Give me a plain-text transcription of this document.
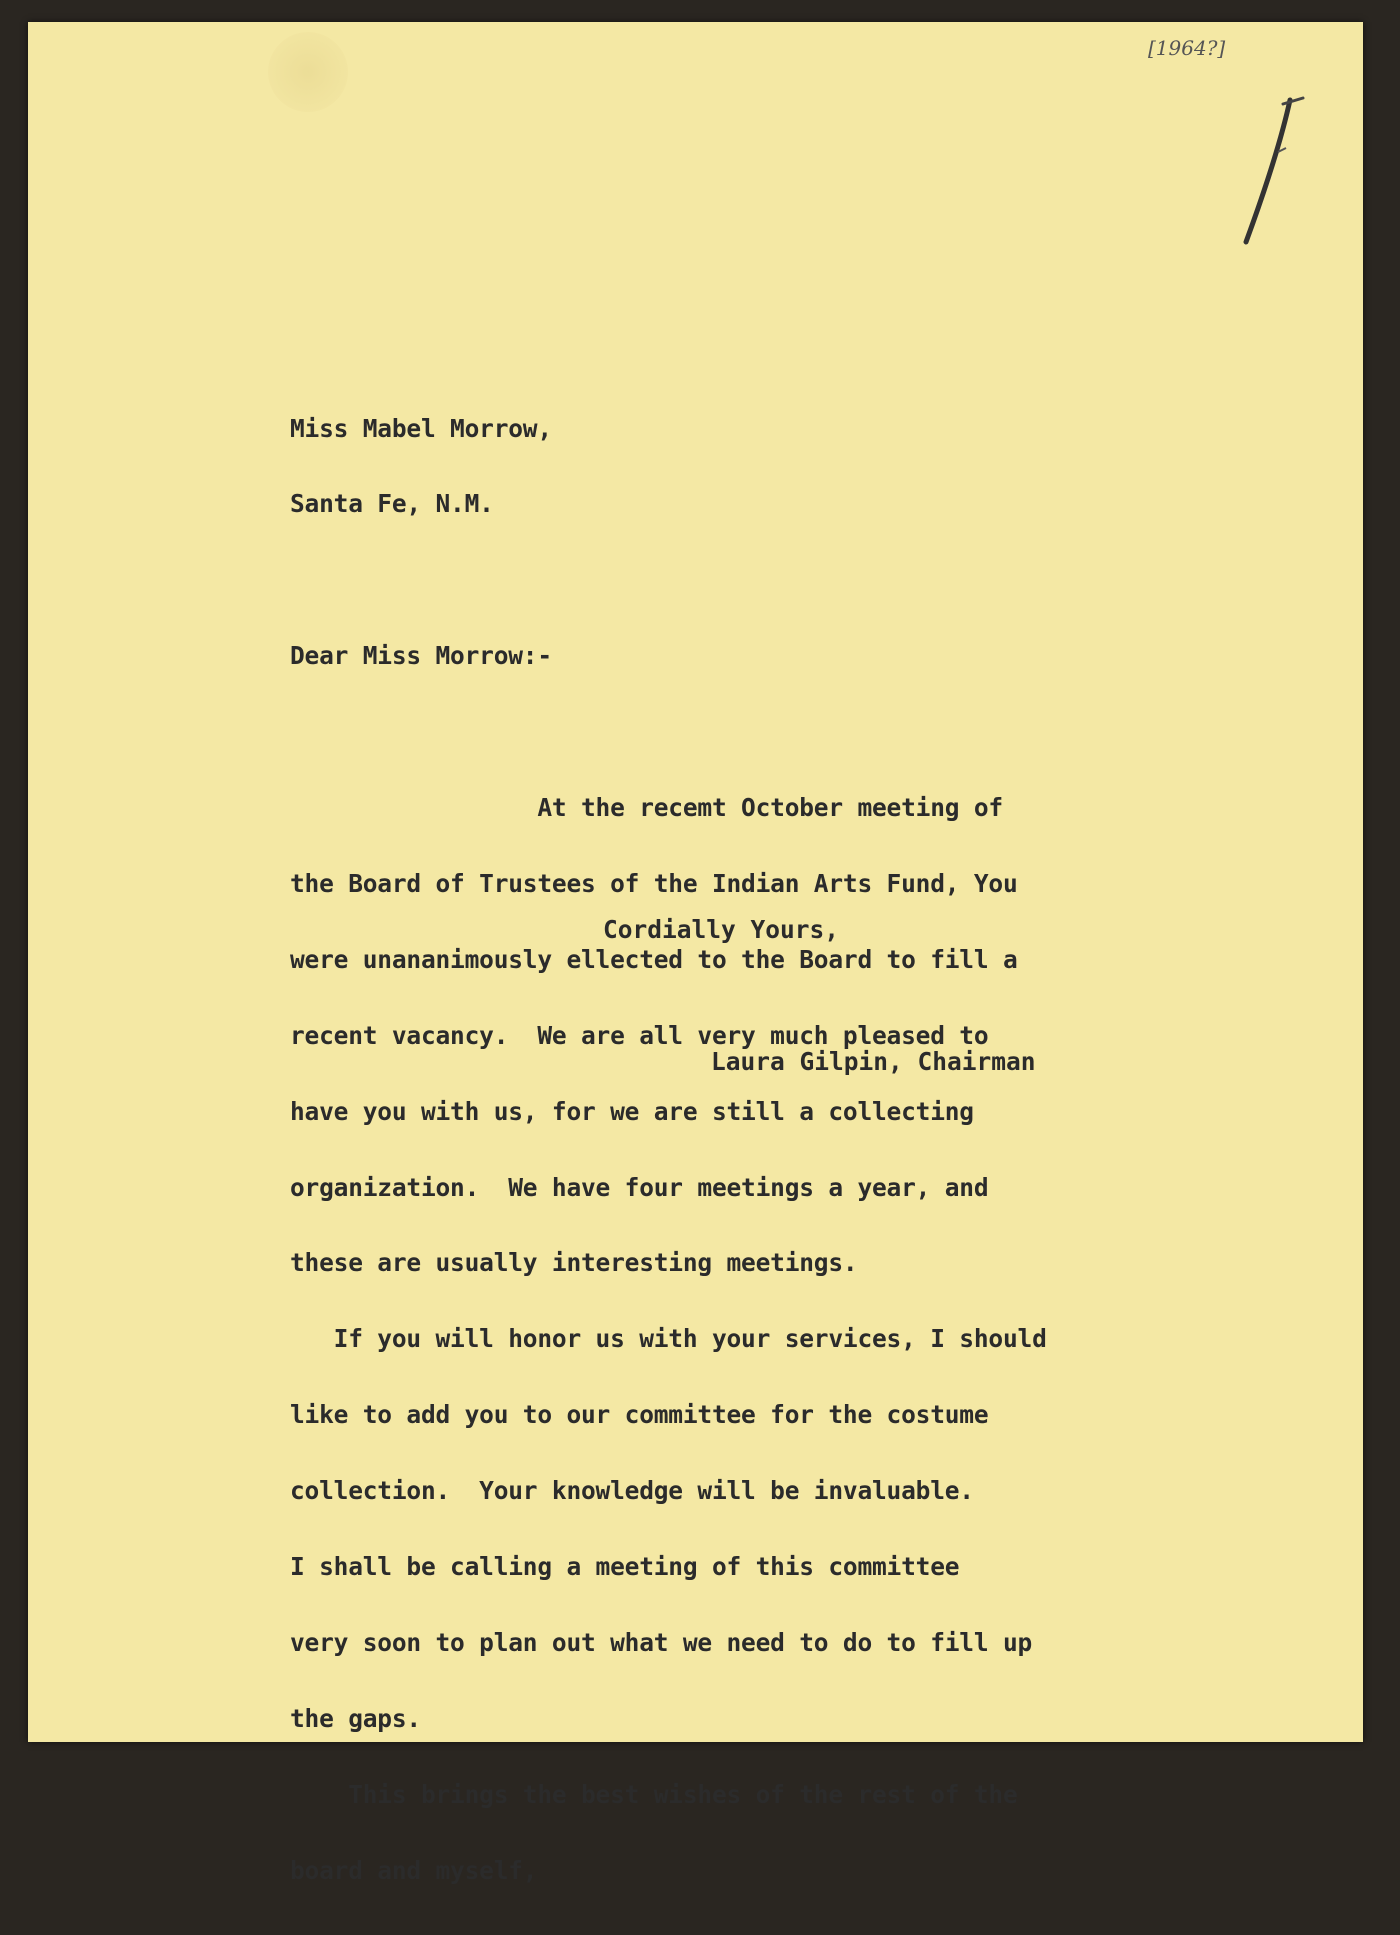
[1964?]

Miss Mabel Morrow,

Santa Fe, N.M.

Dear Miss Morrow:-

At the recemt October meeting of

the Board of Trustees of the Indian Arts Fund, You

were unananimously ellected to the Board to fill a

recent vacancy.  We are all very much pleased to

have you with us, for we are still a collecting

organization.  We have four meetings a year, and

these are usually interesting meetings.

If you will honor us with your services, I should

like to add you to our committee for the costume

collection.  Your knowledge will be invaluable.

I shall be calling a meeting of this committee

very soon to plan out what we need to do to fill up

the gaps.

This brings the best wishes of the rest of the

board and myself,

Cordially Yours,
Laura Gilpin, Chairman
